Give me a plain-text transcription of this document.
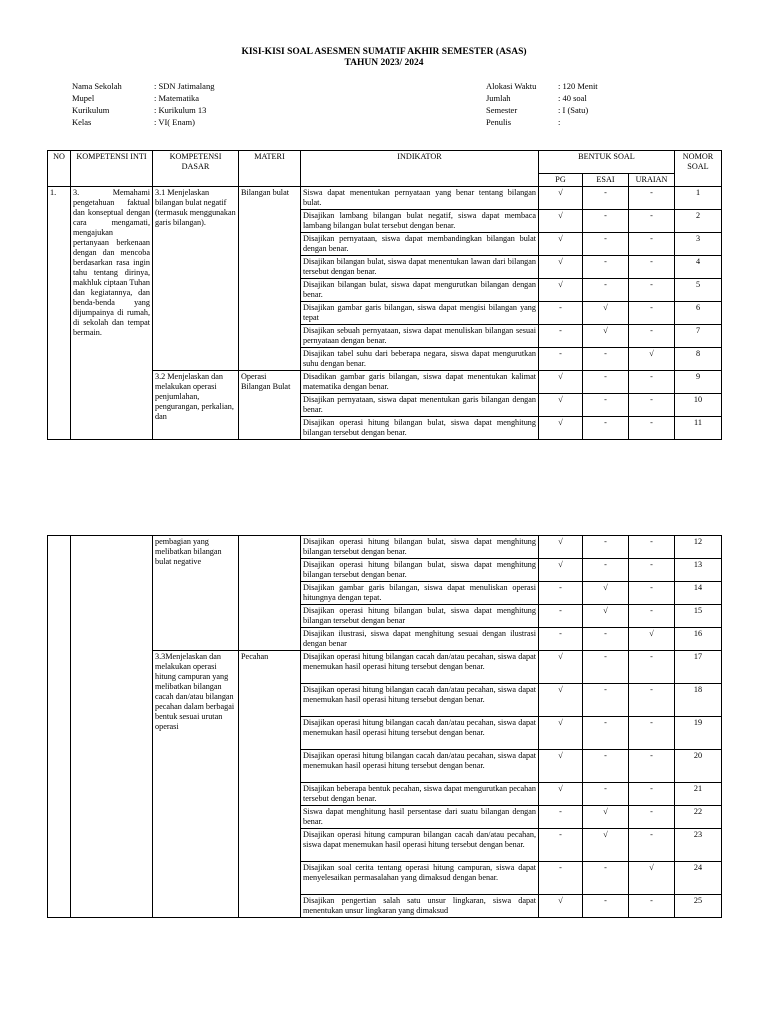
KISI-KISI SOAL ASESMEN SUMATIF AKHIR SEMESTER (ASAS)
TAHUN 2023/ 2024
Nama Sekolah	: SDN Jatimalang
Mupel	: Matematika
Kurikulum	: Kurikulum 13
Kelas	: VI( Enam)
Alokasi Waktu	: 120 Menit
Jumlah	: 40 soal
Semester	: I (Satu)
Penulis	:
NO	KOMPETENSI INTI	KOMPETENSI DASAR	MATERI	INDIKATOR	BENTUK SOAL			NOMOR SOAL
					PG	ESAI	URAIAN	
1.	3. Memahami pengetahuan faktual dan konseptual dengan cara mengamati, mengajukan pertanyaan berkenaan dengan dan mencoba berdasarkan rasa ingin tahu tentang dirinya, makhluk ciptaan Tuhan dan kegiatannya, dan benda-benda yang dijumpainya di rumah, di sekolah dan tempat bermain.	3.1 Menjelaskan bilangan bulat negatif (termasuk menggunakan garis bilangan).	Bilangan bulat	Siswa dapat menentukan pernyataan yang benar tentang bilangan bulat.	√	-	-	1
				Disajikan lambang bilangan bulat negatif, siswa dapat membaca lambang bilangan bulat tersebut dengan benar.	√	-	-	2
				Disajikan pernyataan, siswa dapat membandingkan bilangan bulat dengan benar.	√	-	-	3
				Disajikan bilangan bulat, siswa dapat menentukan lawan dari bilangan tersebut dengan benar.	√	-	-	4
				Disajikan bilangan bulat, siswa dapat mengurutkan bilangan dengan benar.	√	-	-	5
				Disajikan gambar garis bilangan, siswa dapat mengisi bilangan yang tepat	-	√	-	6
				Disajikan sebuah pernyataan, siswa dapat menuliskan bilangan sesuai pernyataan dengan benar.	-	√	-	7
				Disajikan tabel suhu dari beberapa negara, siswa dapat mengurutkan suhu dengan benar.	-	-	√	8
		3.2 Menjelaskan dan melakukan operasi penjumlahan, pengurangan, perkalian, dan	Operasi Bilangan Bulat	Disadikan gambar garis bilangan, siswa dapat menentukan kalimat matematika dengan benar.	√	-	-	9
				Disajikan pernyataan, siswa dapat menentukan garis bilangan dengan benar.	√	-	-	10
				Disajikan operasi hitung bilangan bulat, siswa dapat menghitung bilangan tersebut dengan benar.	√	-	-	11
		pembagian yang melibatkan bilangan bulat negative		Disajikan operasi hitung bilangan bulat, siswa dapat menghitung bilangan tersebut dengan benar.	√	-	-	12
				Disajikan operasi hitung bilangan bulat, siswa dapat menghitung bilangan tersebut dengan benar.	√	-	-	13
				Disajikan gambar garis bilangan, siswa dapat menuliskan operasi hitungnya dengan tepat.	-	√	-	14
				Disajikan operasi hitung bilangan bulat, siswa dapat menghitung bilangan tersebut dengan benar	-	√	-	15
				Disajikan ilustrasi, siswa dapat menghitung sesuai dengan ilustrasi dengan benar	-	-	√	16
		3.3Menjelaskan dan melakukan operasi hitung campuran yang melibatkan bilangan cacah dan/atau bilangan pecahan dalam berbagai bentuk sesuai urutan operasi	Pecahan	Disajikan operasi hitung bilangan cacah dan/atau pecahan, siswa dapat menemukan hasil operasi hitung tersebut dengan benar.	√	-	-	17
				Disajikan operasi hitung bilangan cacah dan/atau pecahan, siswa dapat menemukan hasil operasi hitung tersebut dengan benar.	√	-	-	18
				Disajikan operasi hitung bilangan cacah dan/atau pecahan, siswa dapat menemukan hasil operasi hitung tersebut dengan benar.	√	-	-	19
				Disajikan operasi hitung bilangan cacah dan/atau pecahan, siswa dapat menemukan hasil operasi hitung tersebut dengan benar.	√	-	-	20
				Disajikan beberapa bentuk pecahan, siswa dapat mengurutkan pecahan tersebut dengan benar.	√	-	-	21
				Siswa dapat menghitung hasil persentase dari suatu bilangan dengan benar.	-	√	-	22
				Disajikan operasi hitung campuran bilangan cacah dan/atau pecahan, siswa dapat menemukan hasil operasi hitung tersebut dengan benar.	-	√	-	23
				Disajikan soal cerita tentang operasi hitung campuran, siswa dapat menyelesaikan permasalahan yang dimaksud dengan benar.	-	-	√	24
				Disajikan pengertian salah satu unsur lingkaran, siswa dapat menentukan unsur lingkaran yang dimaksud	√	-	-	25
